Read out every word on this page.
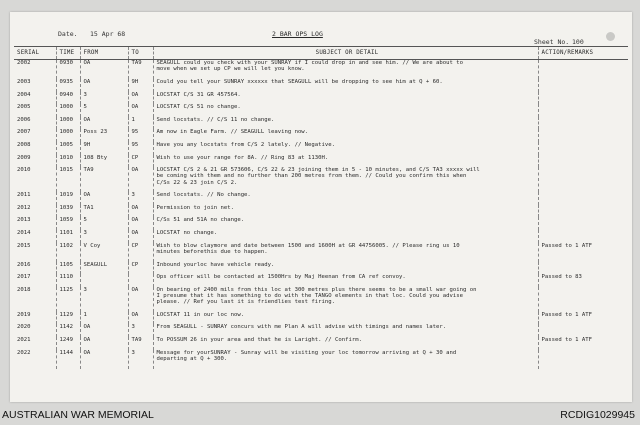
Date. 15 Apr 68	2 BAR OPS LOG
Sheet No. 100
SERIAL	TIME	FROM	TO	SUBJECT OR DETAIL	ACTION/REMARKS
2002	0930	OA	TA9	SEAGULL could you check with your SUNRAY if I could drop in and see him. // We are about to
move when we set up CP we will let you know.	

2003	0935	OA	9H	Could you tell your SUNRAY xxxxxx that SEAGULL will be dropping to see him at Q + 60.	

2004	0940	3	OA	LOCSTAT C/S 31 GR 457564.	

2005	1000	5	OA	LOCSTAT C/S 51 no change.	

2006	1000	OA	1	Send locstats. // C/S 11 no change.	

2007	1000	Poss 23	95	Am now in Eagle Farm. // SEAGULL leaving now.	

2008	1005	9H	95	Have you any locstats from C/S 2 lately. // Negative.	

2009	1010	108 Bty	CP	Wish to use your range for 8A. // Ring 83 at 1130H.	

2010	1015	TA9	OA	LOCSTAT C/S 2 & 21 GR 573606, C/S 22 & 23 joining them in 5 - 10 minutes, and C/S TA3 xxxxx will
be coming with them and no further than 200 metres from them. // Could you confirm this when
C/Ss 22 & 23 join C/S 2.	

2011	1019	OA	3	Send locstats. // No change.	

2012	1039	TA1	OA	Permission to join net.	

2013	1059	5	OA	C/Ss 51 and 51A no change.	

2014	1101	3	OA	LOCSTAT no change.	

2015	1102	V Coy	CP	Wish to blow claymore and date between 1500 and 1600H at GR 44756005. // Please ring us 10
minutes beforethis due to happen.	Passed to 1 ATF
2016	1105	SEAGULL	CP	Inbound yourloc have vehicle ready.	

2017	1110			Ops officer will be contacted at 1500Hrs by Maj Heenan from CA ref convoy.	Passed to 83
2018	1125	3	OA	On bearing of 2400 mils from this loc at 300 metres plus there seems to be a small war going on
I presume that it has something to do with the TANGO elements in that loc. Could you advise
please. // Ref you last it is friendlies test firing.	

2019	1129	1	OA	LOCSTAT 11 in our loc now.	Passed to 1 ATF
2020	1142	OA	3	From SEAGULL - SUNRAY concurs with me Plan A will advise with timings and names later.	

2021	1249	OA	TA9	To POSSUM 26 in your area and that he is Laright. // Confirm.	Passed to 1 ATF
2022	1144	OA	3	Message for yourSUNRAY - Sunray will be visiting your loc tomorrow arriving at Q + 30 and
departing at Q + 300.	

AUSTRALIAN WAR MEMORIAL	RCDIG1029945
